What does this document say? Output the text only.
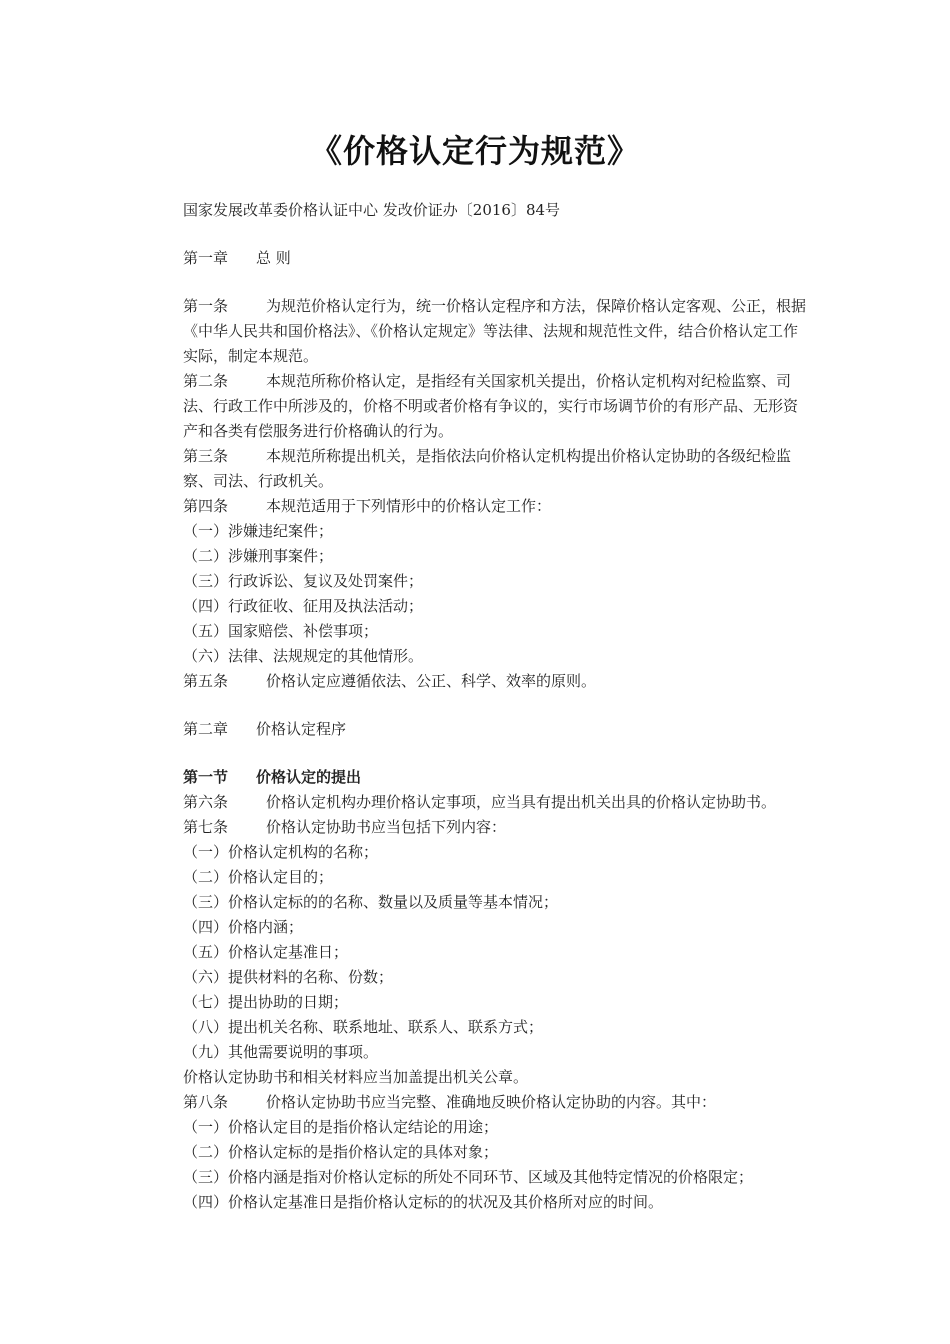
《价格认定行为规范》

国家发展改革委价格认证中心 发改价证办〔2016〕84号

第一章 总 则

第一条	为规范价格认定行为，统一价格认定程序和方法，保障价格认定客观、公正，根据《中华人民共和国价格法》、《价格认定规定》等法律、法规和规范性文件，结合价格认定工作实际，制定本规范。

第二条	本规范所称价格认定，是指经有关国家机关提出，价格认定机构对纪检监察、司法、行政工作中所涉及的，价格不明或者价格有争议的，实行市场调节价的有形产品、无形资产和各类有偿服务进行价格确认的行为。

第三条	本规范所称提出机关，是指依法向价格认定机构提出价格认定协助的各级纪检监察、司法、行政机关。

第四条	本规范适用于下列情形中的价格认定工作：

（一）涉嫌违纪案件；

（二）涉嫌刑事案件；

（三）行政诉讼、复议及处罚案件；

（四）行政征收、征用及执法活动；

（五）国家赔偿、补偿事项；

（六）法律、法规规定的其他情形。

第五条	价格认定应遵循依法、公正、科学、效率的原则。

第二章 价格认定程序

第一节 价格认定的提出

第六条	价格认定机构办理价格认定事项，应当具有提出机关出具的价格认定协助书。

第七条	价格认定协助书应当包括下列内容：

（一）价格认定机构的名称；

（二）价格认定目的；

（三）价格认定标的的名称、数量以及质量等基本情况；

（四）价格内涵；

（五）价格认定基准日；

（六）提供材料的名称、份数；

（七）提出协助的日期；

（八）提出机关名称、联系地址、联系人、联系方式；

（九）其他需要说明的事项。

价格认定协助书和相关材料应当加盖提出机关公章。

第八条	价格认定协助书应当完整、准确地反映价格认定协助的内容。其中：

（一）价格认定目的是指价格认定结论的用途；

（二）价格认定标的是指价格认定的具体对象；

（三）价格内涵是指对价格认定标的所处不同环节、区域及其他特定情况的价格限定；

（四）价格认定基准日是指价格认定标的的状况及其价格所对应的时间。
